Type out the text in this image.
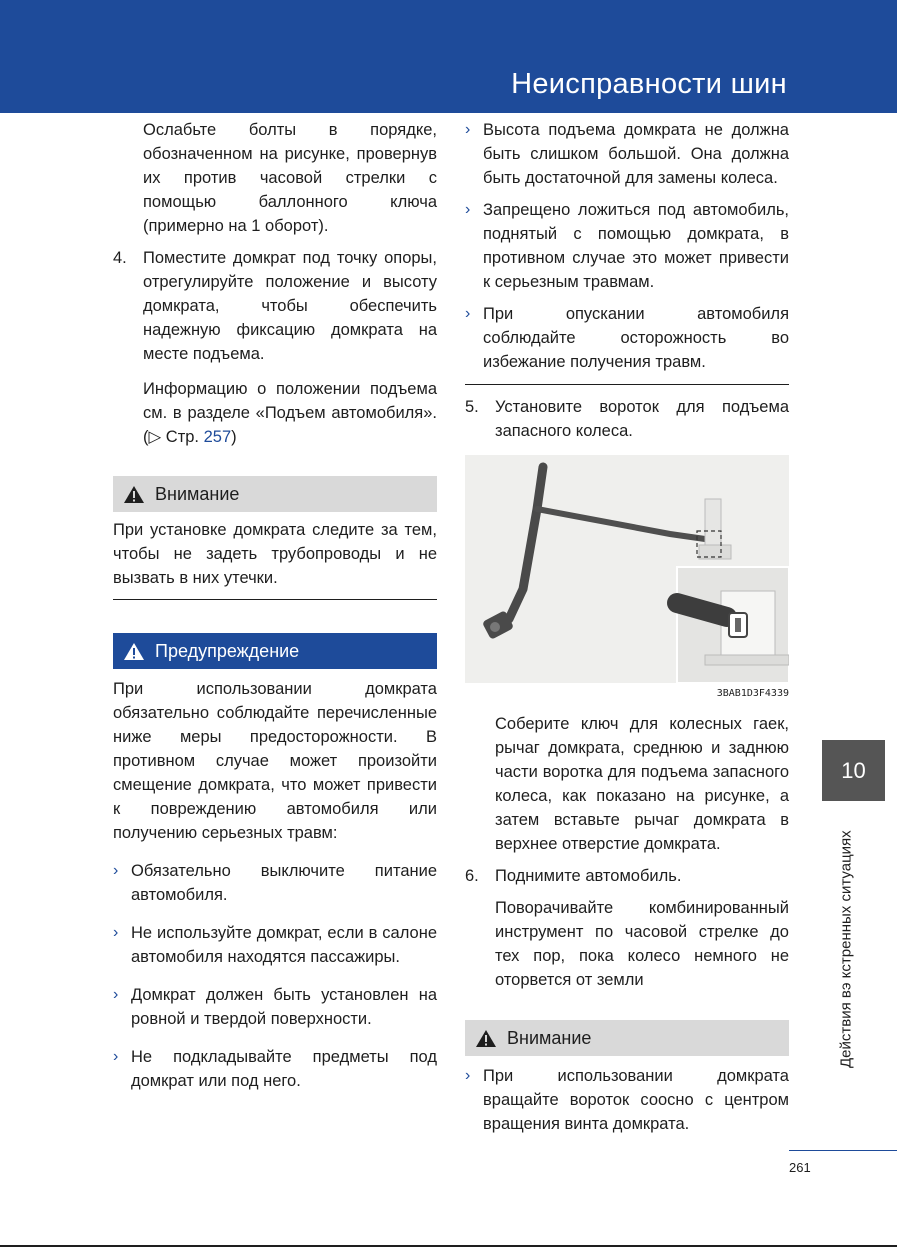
Неисправности шин

Ослабьте болты в порядке, обозначенном на рисунке, провернув их против часовой стрелки с помощью баллонного ключа (примерно на 1 оборот).

4. Поместите домкрат под точку опоры, отрегулируйте положение и высоту домкрата, чтобы обеспечить надежную фиксацию домкрата на месте подъема.

Информацию о положении подъема см. в разделе «Подъем автомобиля». (▷ Стр. 257)

Внимание

При установке домкрата следите за тем, чтобы не задеть трубопроводы и не вызвать в них утечки.

Предупреждение

При использовании домкрата обязательно соблюдайте перечисленные ниже меры предосторожности. В противном случае может произойти смещение домкрата, что может привести к повреждению автомобиля или получению серьезных травм:

› Обязательно выключите питание автомобиля.

› Не используйте домкрат, если в салоне автомобиля находятся пассажиры.

› Домкрат должен быть установлен на ровной и твердой поверхности.

› Не подкладывайте предметы под домкрат или под него.

› Высота подъема домкрата не должна быть слишком большой. Она должна быть достаточной для замены колеса.

› Запрещено ложиться под автомобиль, поднятый с помощью домкрата, в противном случае это может привести к серьезным травмам.

› При опускании автомобиля соблюдайте осторожность во избежание получения травм.

5. Установите вороток для подъема запасного колеса.

3BAB1D3F4339

Соберите ключ для колесных гаек, рычаг домкрата, среднюю и заднюю части воротка для подъема запасного колеса, как показано на рисунке, а затем вставьте рычаг домкрата в верхнее отверстие домкрата.

6. Поднимите автомобиль.

Поворачивайте комбинированный инструмент по часовой стрелке до тех пор, пока колесо немного не оторвется от земли

Внимание
› При использовании домкрата вращайте вороток соосно с центром вращения винта домкрата.

10
Действия вэ кстренных ситуациях
261
